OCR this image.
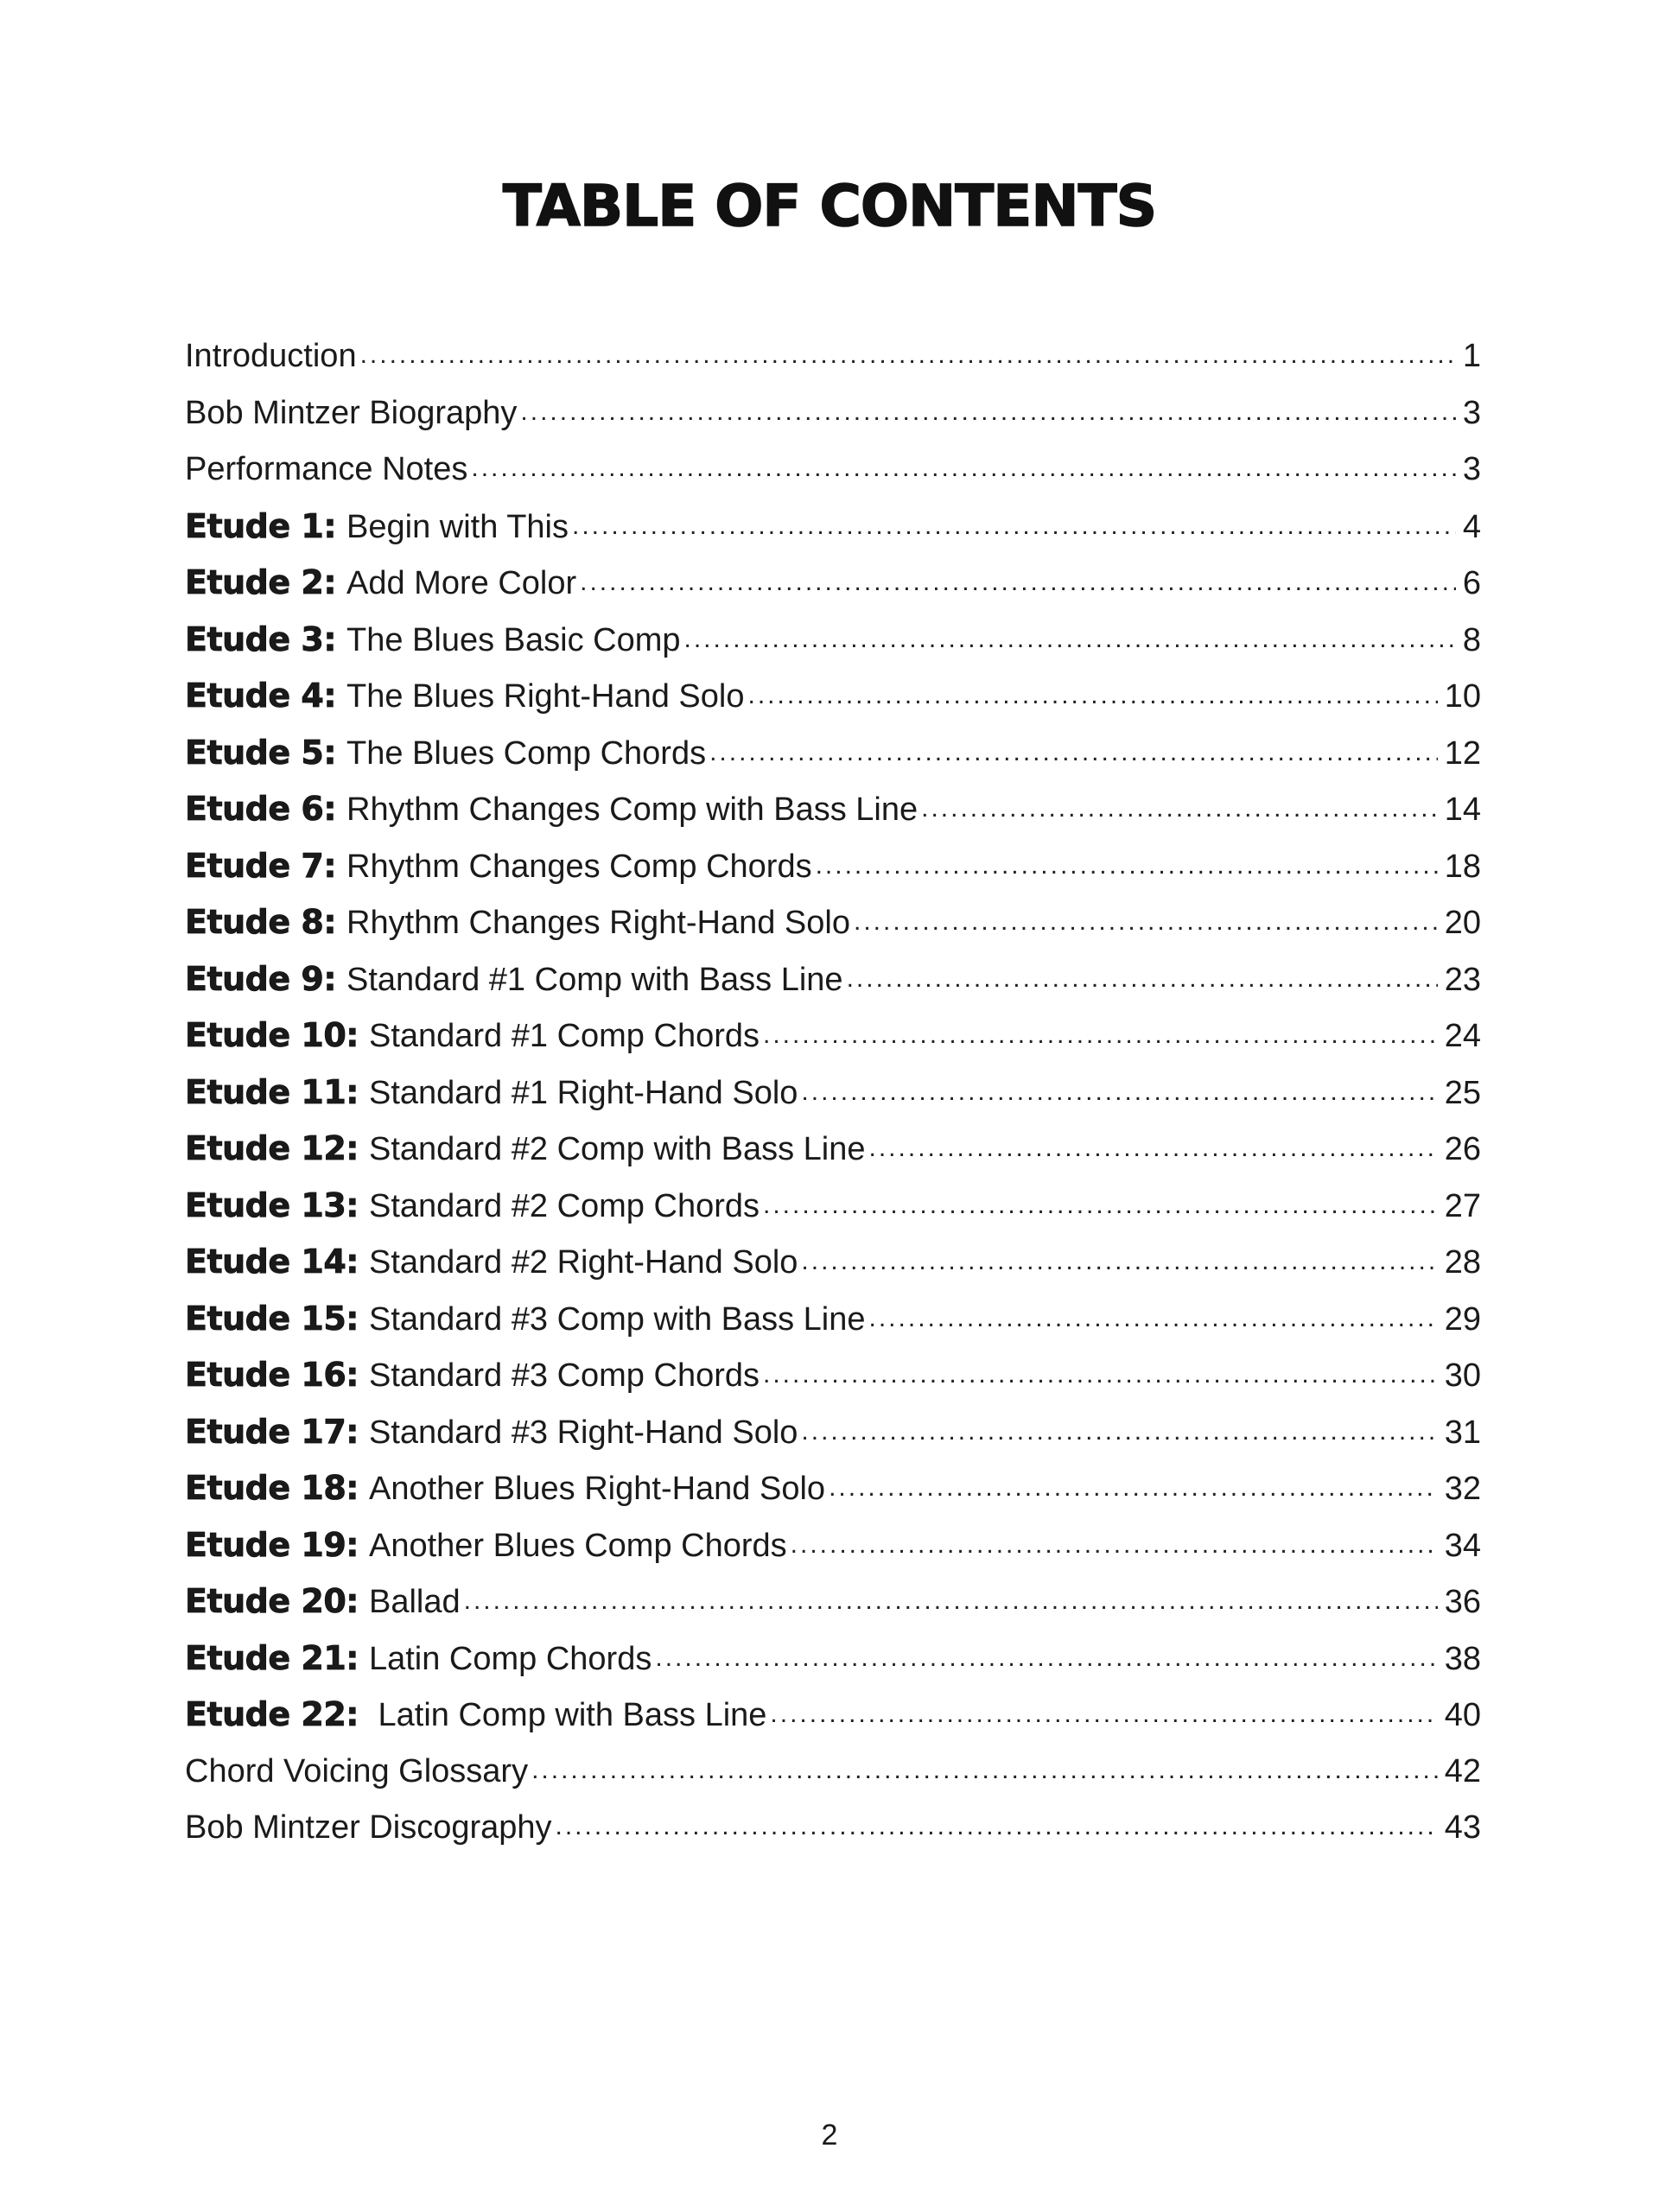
TABLE OF CONTENTS
Introduction .....	1
Bob Mintzer Biography .....	3
Performance Notes .....	3
Etude 1: Begin with This .....	4
Etude 2: Add More Color .....	6
Etude 3: The Blues Basic Comp .....	8
Etude 4: The Blues Right-Hand Solo .....	10
Etude 5: The Blues Comp Chords .....	12
Etude 6: Rhythm Changes Comp with Bass Line .....	14
Etude 7: Rhythm Changes Comp Chords .....	18
Etude 8: Rhythm Changes Right-Hand Solo .....	20
Etude 9: Standard #1 Comp with Bass Line .....	23
Etude 10: Standard #1 Comp Chords .....	24
Etude 11: Standard #1 Right-Hand Solo .....	25
Etude 12: Standard #2 Comp with Bass Line .....	26
Etude 13: Standard #2 Comp Chords .....	27
Etude 14: Standard #2 Right-Hand Solo .....	28
Etude 15: Standard #3 Comp with Bass Line .....	29
Etude 16: Standard #3 Comp Chords .....	30
Etude 17: Standard #3 Right-Hand Solo .....	31
Etude 18: Another Blues Right-Hand Solo .....	32
Etude 19: Another Blues Comp Chords .....	34
Etude 20: Ballad .....	36
Etude 21: Latin Comp Chords .....	38
Etude 22: Latin Comp with Bass Line .....	40
Chord Voicing Glossary .....	42
Bob Mintzer Discography .....	43
2
